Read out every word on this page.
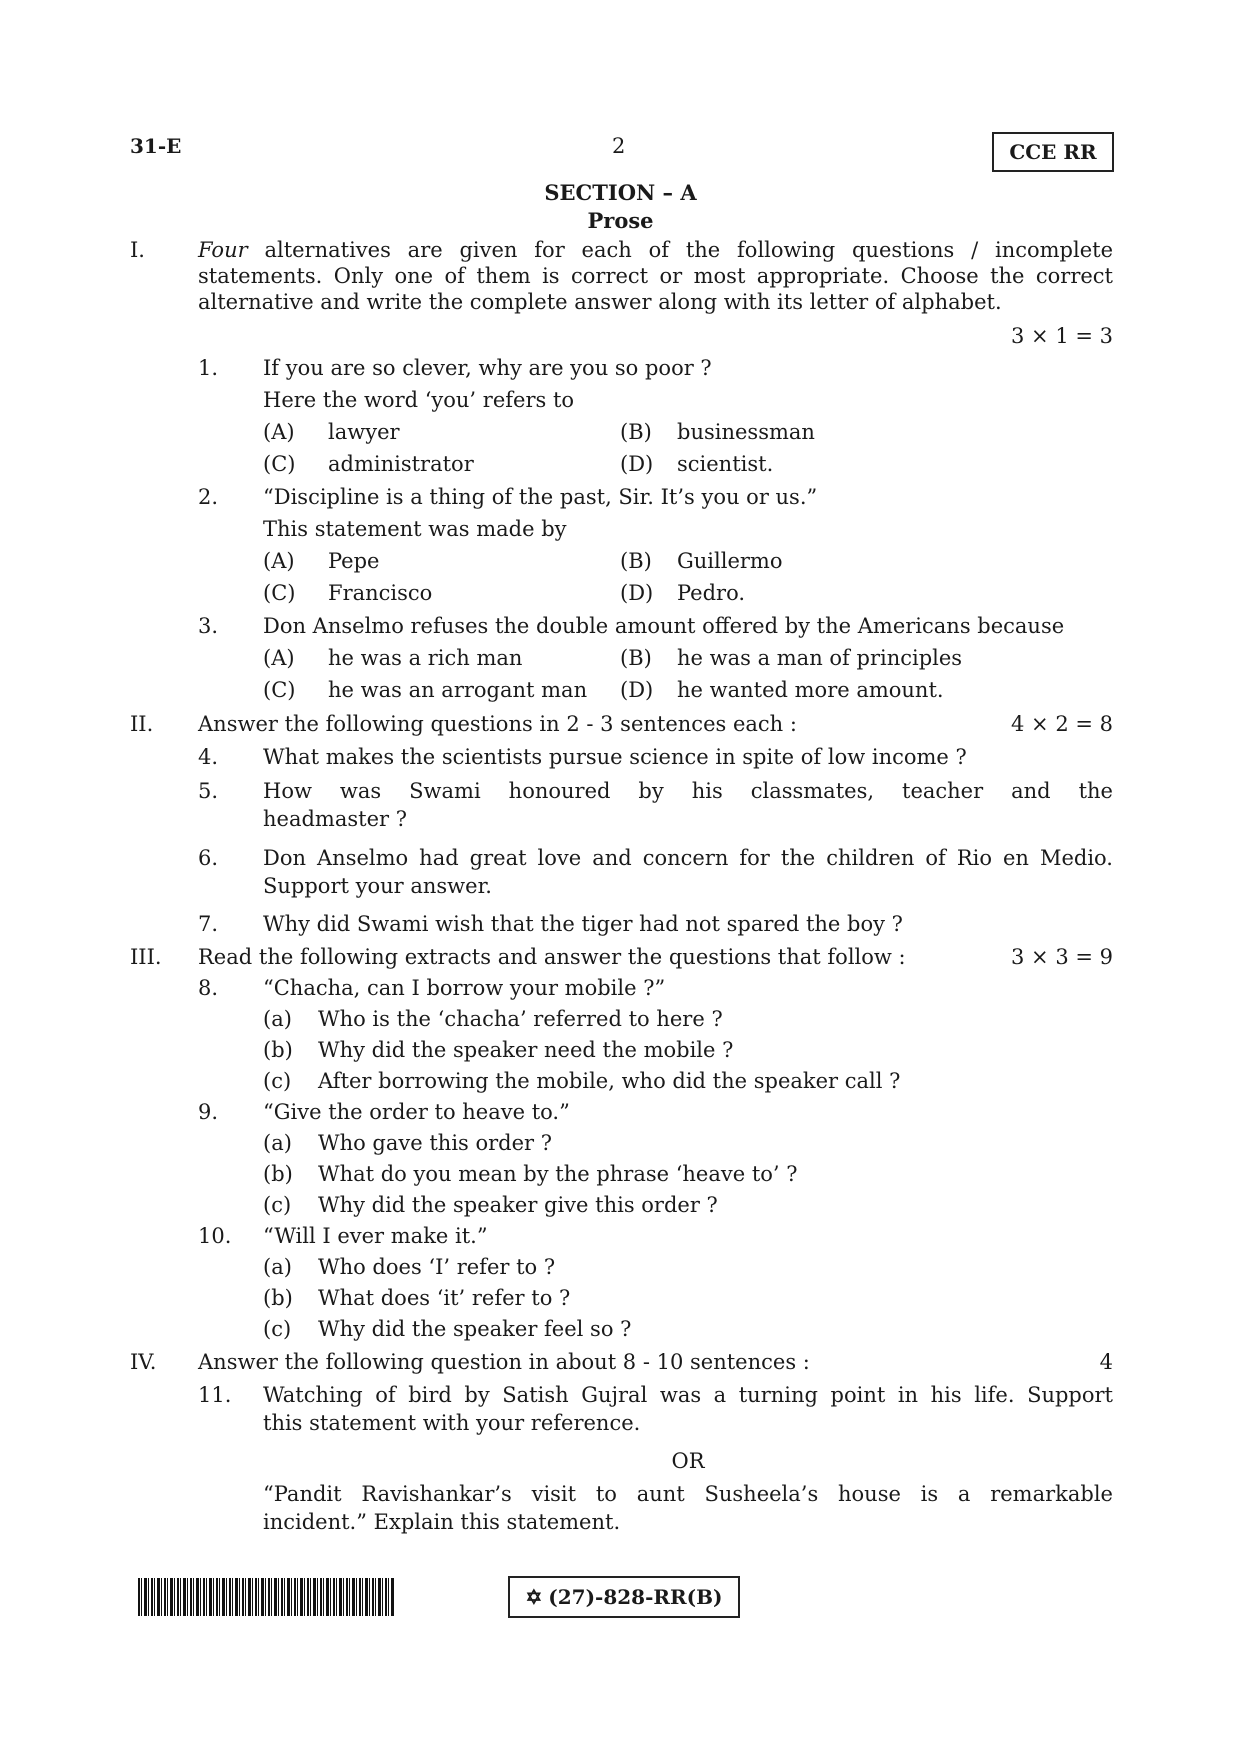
31-E	2	CCE RR
SECTION – A
Prose
I.	Four alternatives are given for each of the following questions / incomplete
statements. Only one of them is correct or most appropriate. Choose the correct
alternative and write the complete answer along with its letter of alphabet.
3 × 1 = 3
1. If you are so clever, why are you so poor ?
Here the word ‘you’ refers to
(A) lawyer	(B) businessman
(C) administrator	(D) scientist.
2. “Discipline is a thing of the past, Sir. It’s you or us.”
This statement was made by
(A) Pepe	(B) Guillermo
(C) Francisco	(D) Pedro.
3. Don Anselmo refuses the double amount offered by the Americans because
(A) he was a rich man	(B) he was a man of principles
(C) he was an arrogant man (D) he wanted more amount.
II. Answer the following questions in 2 - 3 sentences each :	4 × 2 = 8
4. What makes the scientists pursue science in spite of low income ?
5. How was Swami honoured by his classmates, teacher and the
headmaster ?
6. Don Anselmo had great love and concern for the children of Rio en Medio.
Support your answer.
7. Why did Swami wish that the tiger had not spared the boy ?
III. Read the following extracts and answer the questions that follow :	3 × 3 = 9
8. “Chacha, can I borrow your mobile ?”
(a) Who is the ‘chacha’ referred to here ?
(b) Why did the speaker need the mobile ?
(c) After borrowing the mobile, who did the speaker call ?
9. “Give the order to heave to.”
(a) Who gave this order ?
(b) What do you mean by the phrase ‘heave to’ ?
(c) Why did the speaker give this order ?
10. “Will I ever make it.”
(a) Who does ‘I’ refer to ?
(b) What does ‘it’ refer to ?
(c) Why did the speaker feel so ?
IV. Answer the following question in about 8 - 10 sentences :	4
11. Watching of bird by Satish Gujral was a turning point in his life. Support
this statement with your reference.
OR
“Pandit Ravishankar’s visit to aunt Susheela’s house is a remarkable
incident.” Explain this statement.
✡ (27)-828-RR(B)
